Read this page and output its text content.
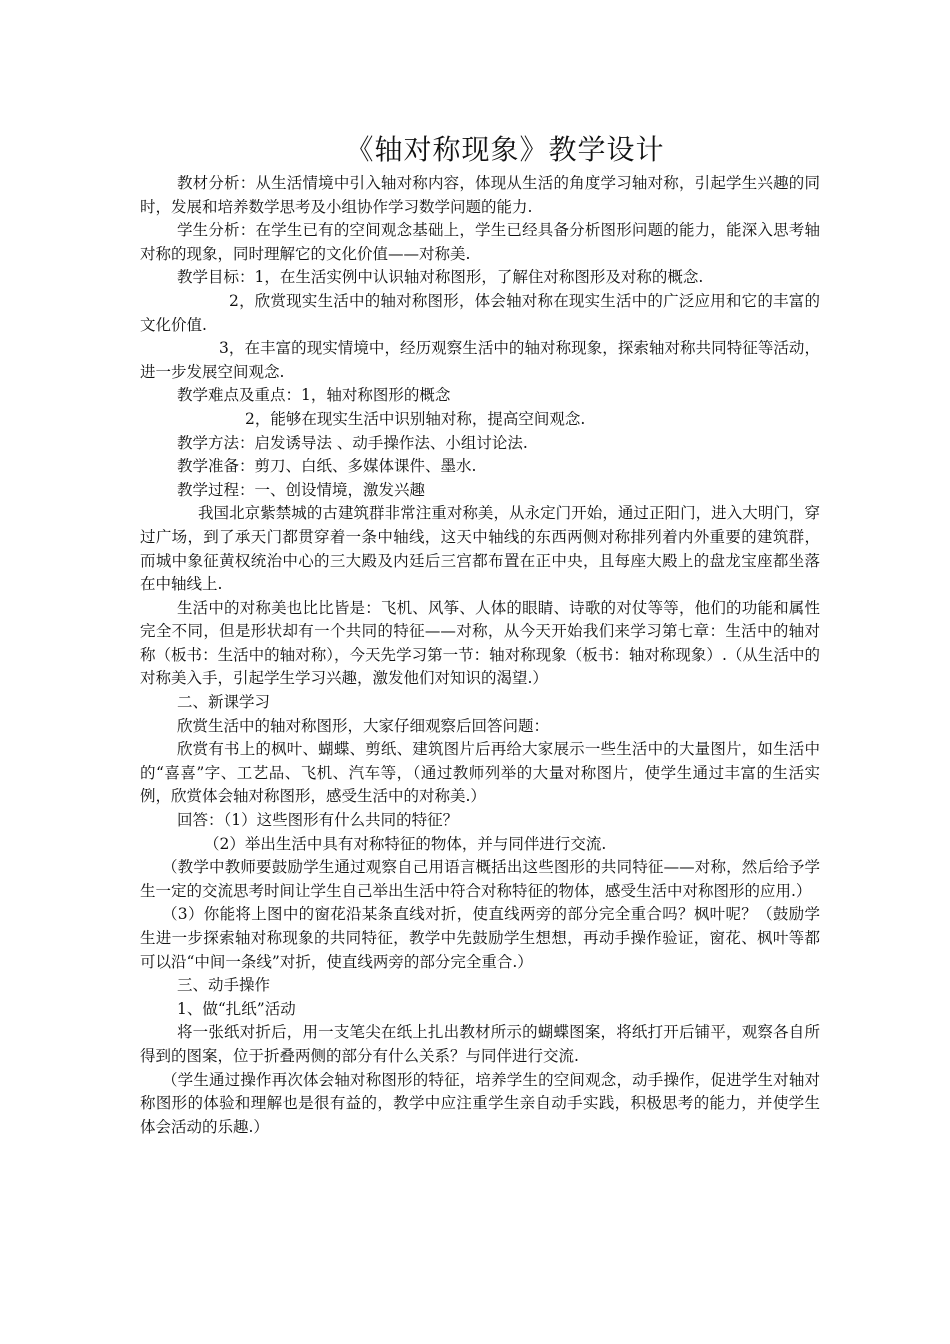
《轴对称现象》教学设计

教材分析：从生活情境中引入轴对称内容，体现从生活的角度学习轴对称，引起学生兴趣的同时，发展和培养数学思考及小组协作学习数学问题的能力.

学生分析：在学生已有的空间观念基础上，学生已经具备分析图形问题的能力，能深入思考轴对称的现象，同时理解它的文化价值——对称美.

教学目标：1，在生活实例中认识轴对称图形，了解住对称图形及对称的概念.

2，欣赏现实生活中的轴对称图形，体会轴对称在现实生活中的广泛应用和它的丰富的文化价值.

3，在丰富的现实情境中，经历观察生活中的轴对称现象，探索轴对称共同特征等活动，进一步发展空间观念.

教学难点及重点：1，轴对称图形的概念

2，能够在现实生活中识别轴对称，提高空间观念.

教学方法：启发诱导法 、动手操作法、小组讨论法.

教学准备：剪刀、白纸、多媒体课件、墨水.

教学过程：一、创设情境，激发兴趣

我国北京紫禁城的古建筑群非常注重对称美，从永定门开始，通过正阳门，进入大明门，穿过广场，到了承天门都贯穿着一条中轴线，这天中轴线的东西两侧对称排列着内外重要的建筑群，而城中象征黄权统治中心的三大殿及内廷后三宫都布置在正中央，且每座大殿上的盘龙宝座都坐落在中轴线上.

生活中的对称美也比比皆是：飞机、风筝、人体的眼睛、诗歌的对仗等等，他们的功能和属性完全不同，但是形状却有一个共同的特征——对称，从今天开始我们来学习第七章：生活中的轴对称（板书：生活中的轴对称），今天先学习第一节：轴对称现象（板书：轴对称现象）.（从生活中的对称美入手，引起学生学习兴趣，激发他们对知识的渴望.）

二、新课学习

欣赏生活中的轴对称图形，大家仔细观察后回答问题：

欣赏有书上的枫叶、蝴蝶、剪纸、建筑图片后再给大家展示一些生活中的大量图片，如生活中的“喜喜”字、工艺品、飞机、汽车等，（通过教师列举的大量对称图片，使学生通过丰富的生活实例，欣赏体会轴对称图形，感受生活中的对称美.）

回答：（1）这些图形有什么共同的特征？

（2）举出生活中具有对称特征的物体，并与同伴进行交流.

（教学中教师要鼓励学生通过观察自己用语言概括出这些图形的共同特征——对称，然后给予学生一定的交流思考时间让学生自己举出生活中符合对称特征的物体，感受生活中对称图形的应用.）

（3）你能将上图中的窗花沿某条直线对折，使直线两旁的部分完全重合吗？枫叶呢？（鼓励学生进一步探索轴对称现象的共同特征，教学中先鼓励学生想想，再动手操作验证，窗花、枫叶等都可以沿“中间一条线”对折，使直线两旁的部分完全重合.）

三、动手操作

1、做“扎纸”活动

将一张纸对折后，用一支笔尖在纸上扎出教材所示的蝴蝶图案，将纸打开后铺平，观察各自所得到的图案，位于折叠两侧的部分有什么关系？与同伴进行交流.

（学生通过操作再次体会轴对称图形的特征，培养学生的空间观念，动手操作，促进学生对轴对称图形的体验和理解也是很有益的，教学中应注重学生亲自动手实践，积极思考的能力，并使学生体会活动的乐趣.）
